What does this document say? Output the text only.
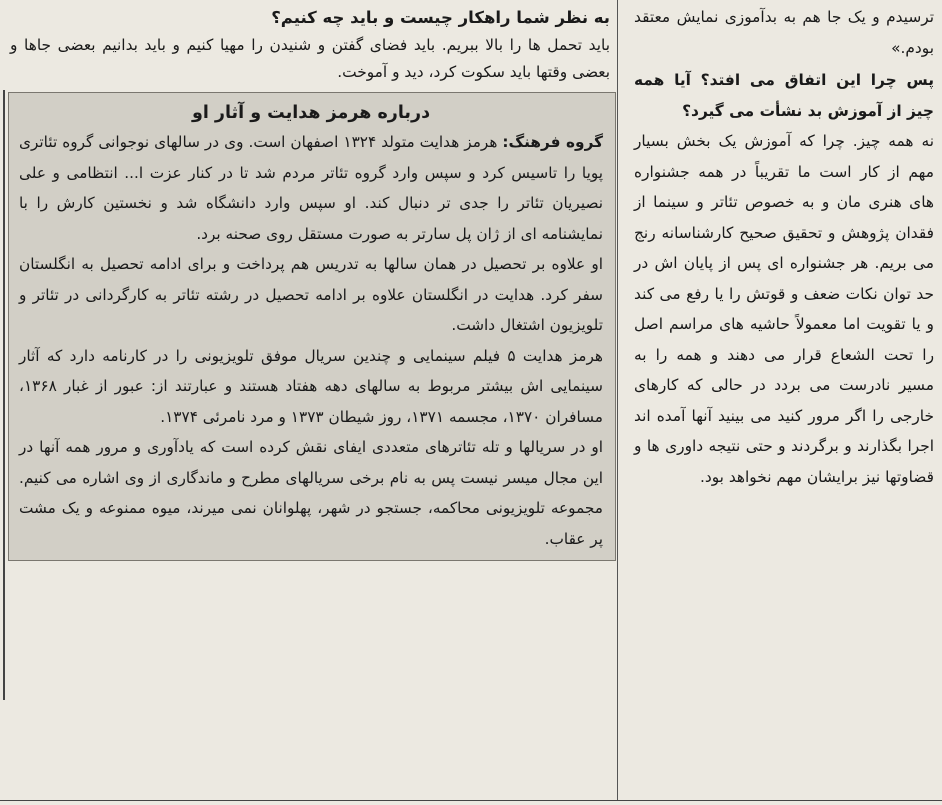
ترسیدم و یک جا هم به بدآموزی نمایش معتقد بودم.»

پس چرا این اتفاق می افتد؟ آیا همه چیز از آموزش بد نشأت می گیرد؟

نه همه چیز. چرا که آموزش یک بخش بسیار مهم از کار است ما تقریباً در همه جشنواره های هنری مان و به خصوص تئاتر و سینما از فقدان پژوهش و تحقیق صحیح کارشناسانه رنج می بریم. هر جشنواره ای پس از پایان اش در حد توان نکات ضعف و قوتش را یا رفع می کند و یا تقویت اما معمولاً حاشیه های مراسم اصل را تحت الشعاع قرار می دهند و همه را به مسیر نادرست می بردد در حالی که کارهای خارجی را اگر مرور کنید می بینید آنها آمده اند اجرا بگذارند و برگردند و حتی نتیجه داوری ها و قضاوتها نیز برایشان مهم نخواهد بود.

به نظر شما راهکار چیست و باید چه کنیم؟

باید تحمل ها را بالا ببریم. باید فضای گفتن و شنیدن را مهیا کنیم و باید بدانیم بعضی جاها و بعضی وقتها باید سکوت کرد، دید و آموخت.

درباره هرمز هدایت و آثار او

گروه فرهنگ: هرمز هدایت متولد ۱۳۲۴ اصفهان است. وی در سالهای نوجوانی گروه تئاتری پویا را تاسیس کرد و سپس وارد گروه تئاتر مردم شد تا در کنار عزت ا... انتظامی و علی نصیریان تئاتر را جدی تر دنبال کند. او سپس وارد دانشگاه شد و نخستین کارش را با نمایشنامه ای از ژان پل سارتر به صورت مستقل روی صحنه برد.

او علاوه بر تحصیل در همان سالها به تدریس هم پرداخت و برای ادامه تحصیل به انگلستان سفر کرد. هدایت در انگلستان علاوه بر ادامه تحصیل در رشته تئاتر به کارگردانی در تئاتر و تلویزیون اشتغال داشت.

هرمز هدایت ۵ فیلم سینمایی و چندین سریال موفق تلویزیونی را در کارنامه دارد که آثار سینمایی اش بیشتر مربوط به سالهای دهه هفتاد هستند و عبارتند از: عبور از غبار ۱۳۶۸، مسافران ۱۳۷۰، مجسمه ۱۳۷۱، روز شیطان ۱۳۷۳ و مرد نامرئی ۱۳۷۴.

او در سریالها و تله تئاترهای متعددی ایفای نقش کرده است که یادآوری و مرور همه آنها در این مجال میسر نیست پس به نام برخی سریالهای مطرح و ماندگاری از وی اشاره می کنیم. مجموعه تلویزیونی محاکمه، جستجو در شهر، پهلوانان نمی میرند، میوه ممنوعه و یک مشت پر عقاب.
